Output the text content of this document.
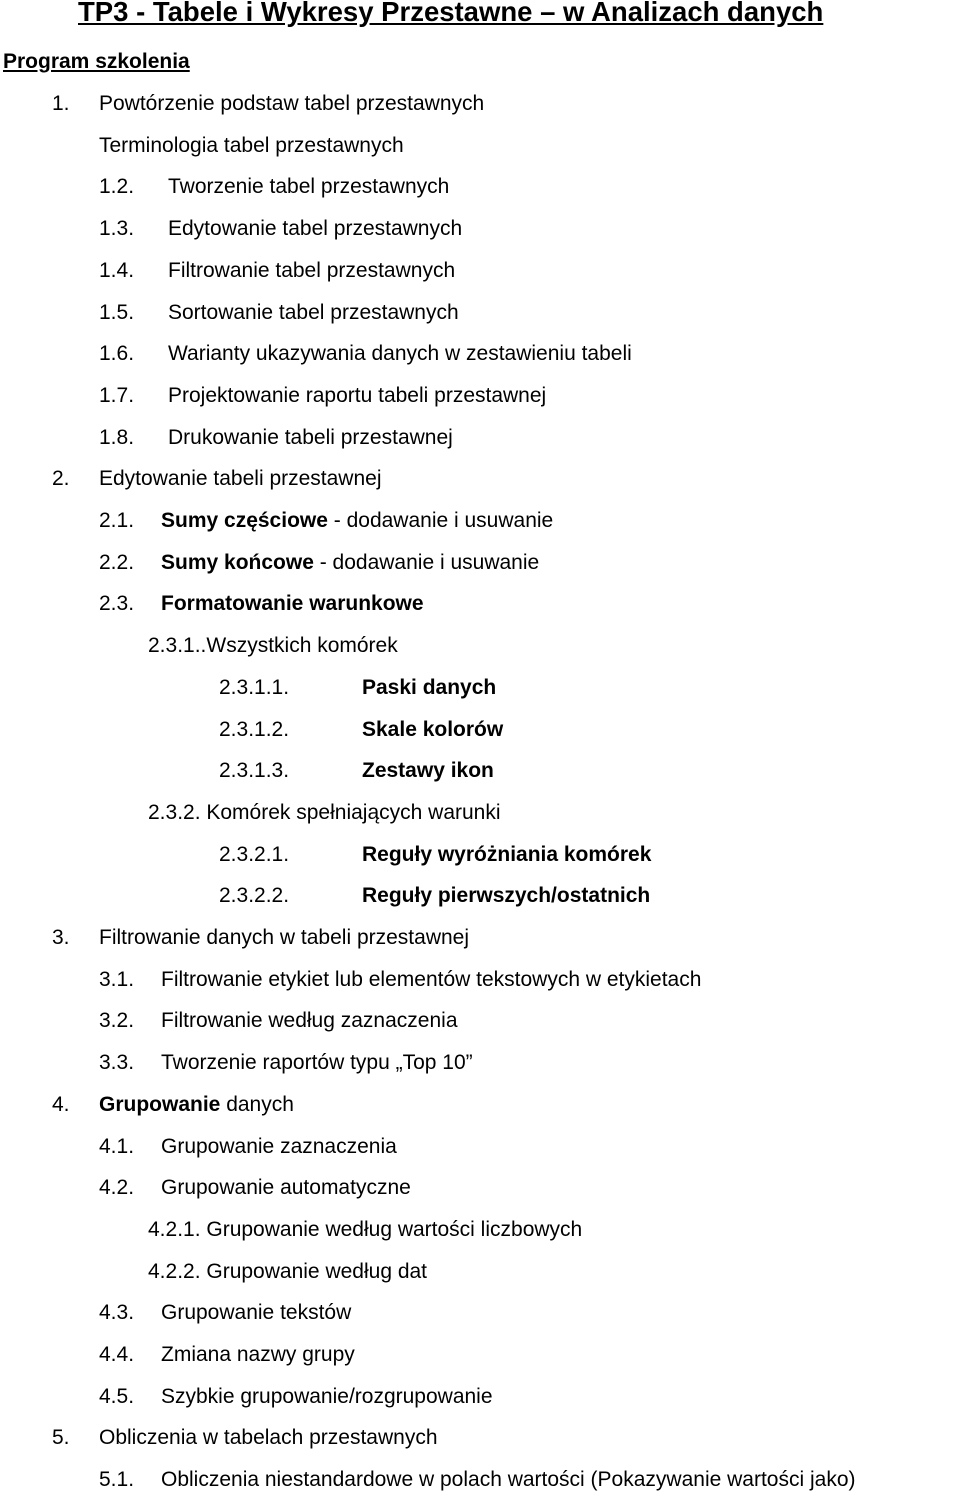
TP3 - Tabele i Wykresy Przestawne – w Analizach danych
Program szkolenia
1. Powtórzenie podstaw tabel przestawnych
Terminologia tabel przestawnych
1.2. Tworzenie tabel przestawnych
1.3. Edytowanie tabel przestawnych
1.4. Filtrowanie tabel przestawnych
1.5. Sortowanie tabel przestawnych
1.6. Warianty ukazywania danych w zestawieniu tabeli
1.7. Projektowanie raportu tabeli przestawnej
1.8. Drukowanie tabeli przestawnej
2. Edytowanie tabeli przestawnej
2.1. Sumy częściowe - dodawanie i usuwanie
2.2. Sumy końcowe - dodawanie i usuwanie
2.3. Formatowanie warunkowe
2.3.1..Wszystkich komórek
2.3.1.1.	Paski danych
2.3.1.2.	Skale kolorów
2.3.1.3.	Zestawy ikon
2.3.2. Komórek spełniających warunki
2.3.2.1.	Reguły wyróżniania komórek
2.3.2.2.	Reguły pierwszych/ostatnich
3. Filtrowanie danych w tabeli przestawnej
3.1. Filtrowanie etykiet lub elementów tekstowych w etykietach
3.2. Filtrowanie według zaznaczenia
3.3. Tworzenie raportów typu „Top 10”
4. Grupowanie danych
4.1. Grupowanie zaznaczenia
4.2. Grupowanie automatyczne
4.2.1. Grupowanie według wartości liczbowych
4.2.2. Grupowanie według dat
4.3. Grupowanie tekstów
4.4. Zmiana nazwy grupy
4.5. Szybkie grupowanie/rozgrupowanie
5. Obliczenia w tabelach przestawnych
5.1. Obliczenia niestandardowe w polach wartości (Pokazywanie wartości jako)
